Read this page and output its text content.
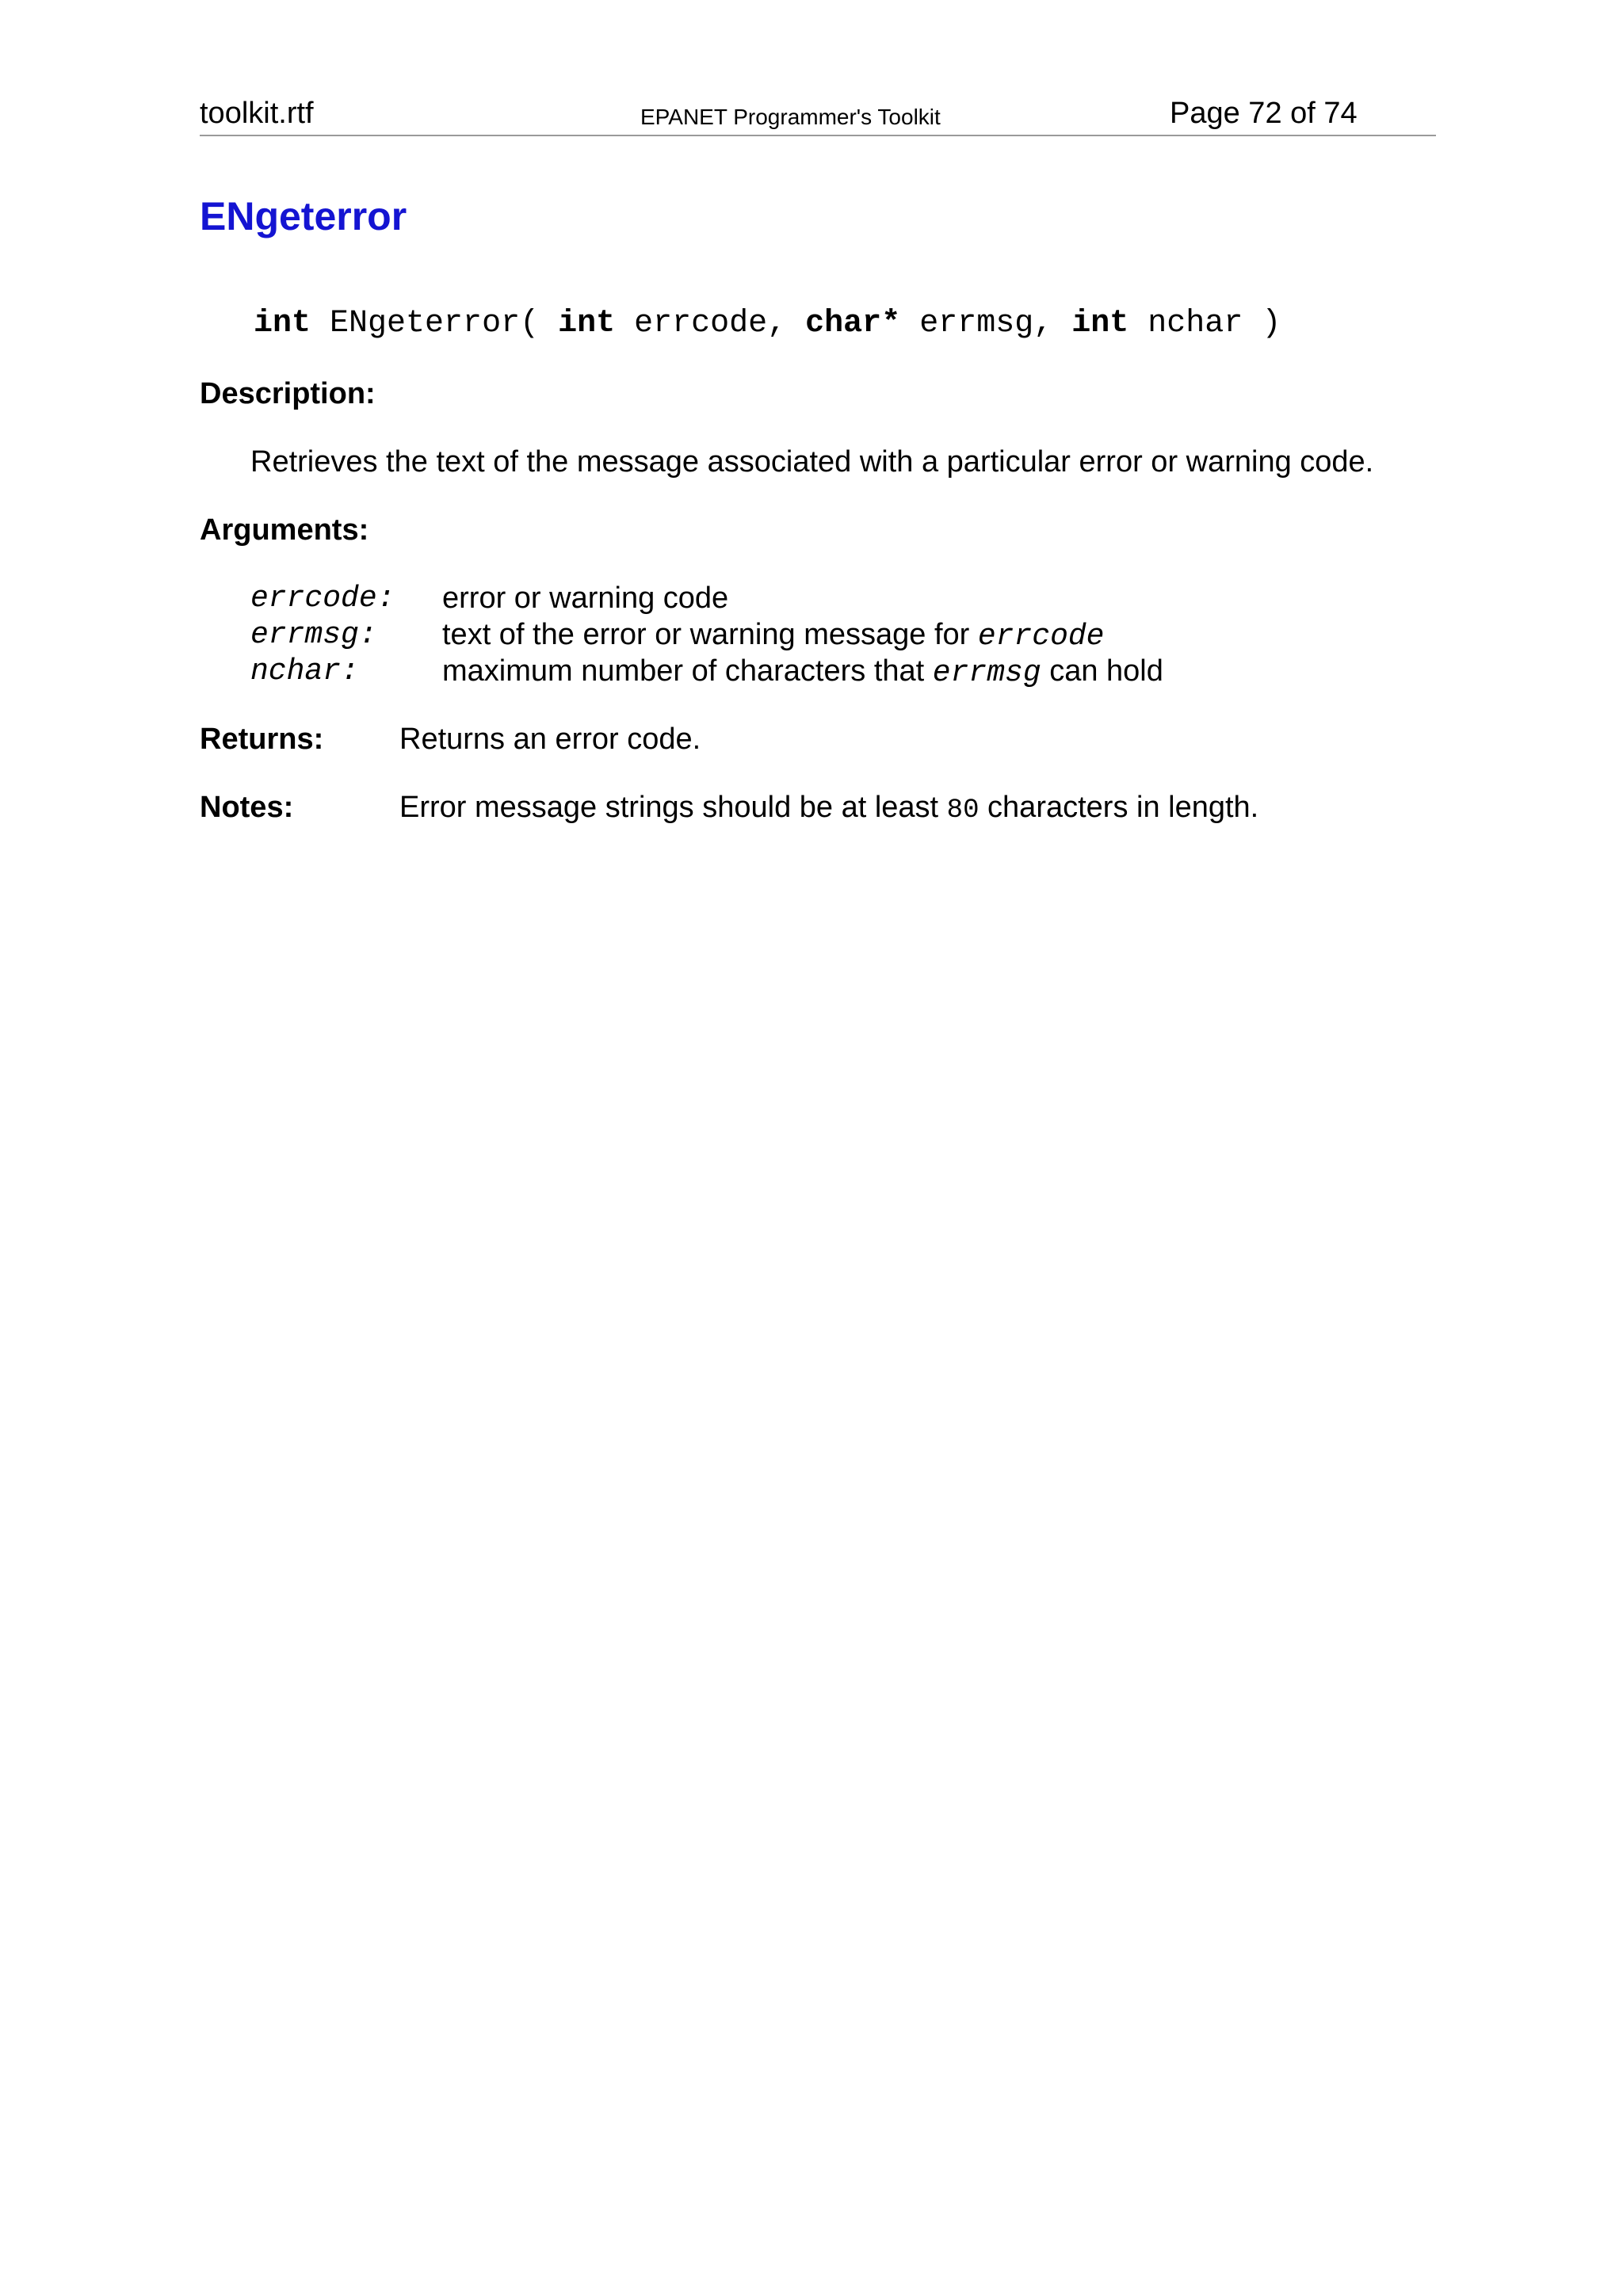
toolkit.rtf	EPANET Programmer's Toolkit	Page 72 of 74
ENgeterror
int ENgeterror( int errcode, char* errmsg, int nchar )
Description:
Retrieves the text of the message associated with a particular error or warning code.
Arguments:
errcode: error or warning code
errmsg: text of the error or warning message for errcode
nchar:	maximum number of characters that errmsg can hold
Returns:	Returns an error code.
Notes:	Error message strings should be at least 80 characters in length.
